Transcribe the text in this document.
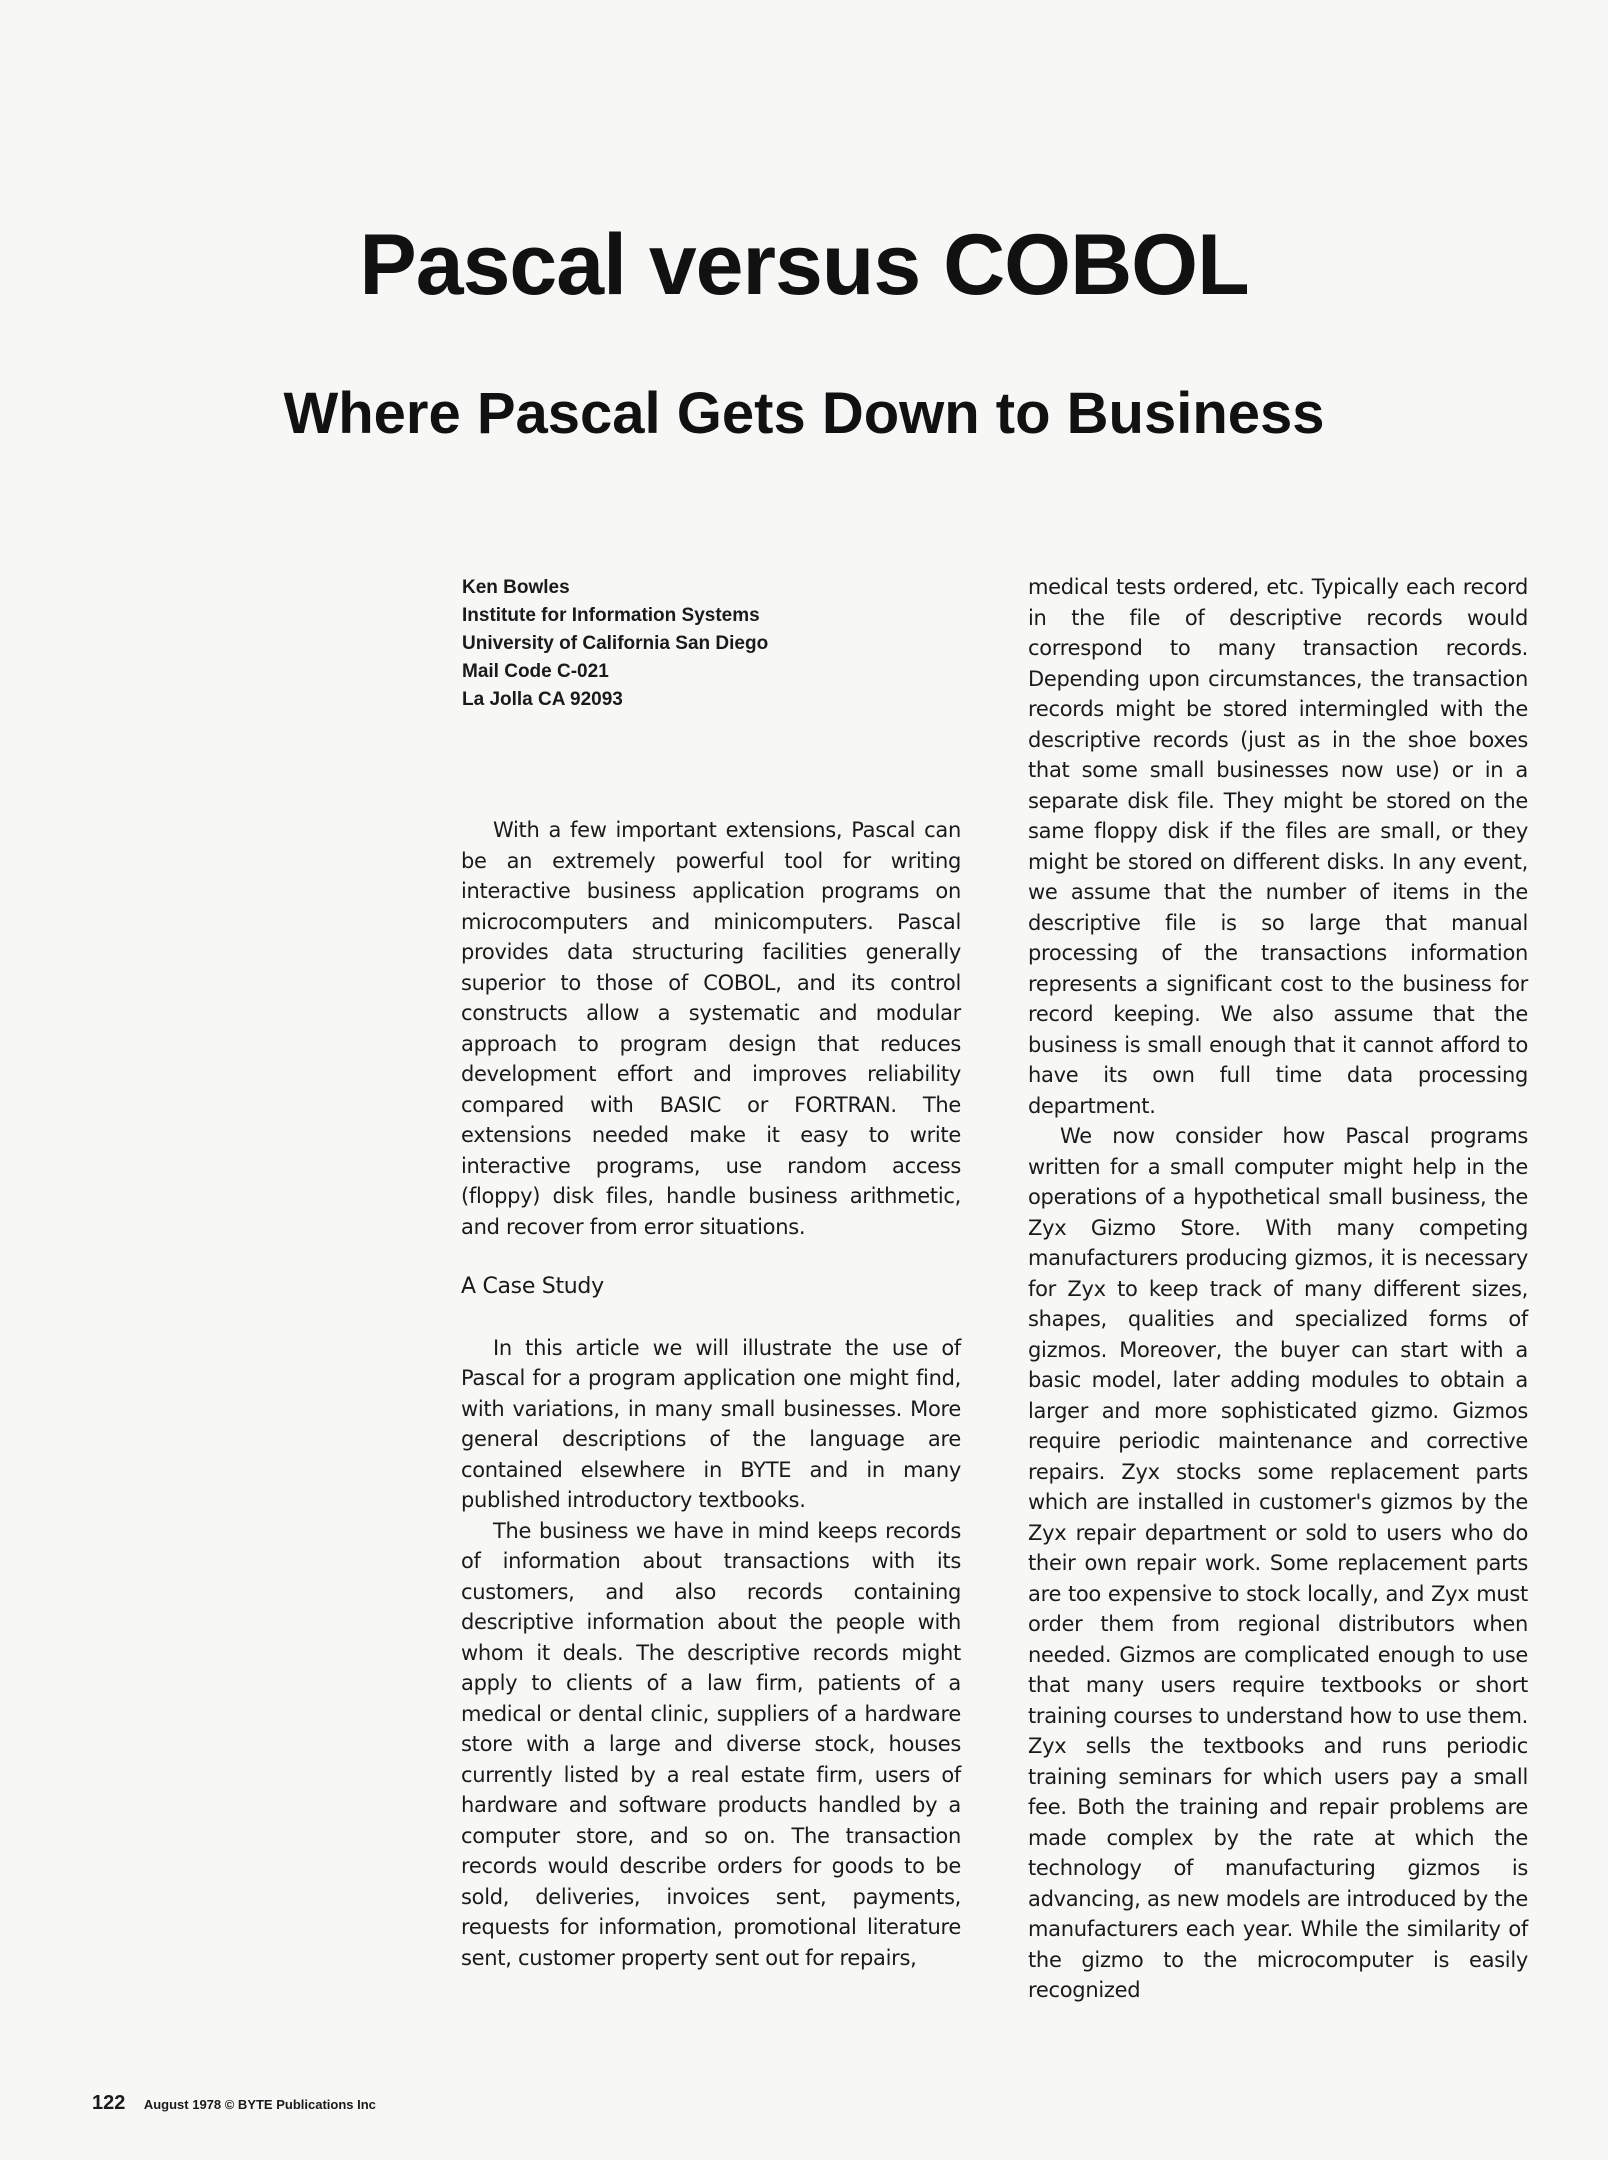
Pascal versus COBOL
Where Pascal Gets Down to Business
Ken Bowles
Institute for Information Systems
University of California San Diego
Mail Code C-021
La Jolla CA 92093

With a few important extensions, Pascal can be an extremely powerful tool for writing interactive business application programs on microcomputers and minicomputers. Pascal provides data structuring facilities generally superior to those of COBOL, and its control constructs allow a systematic and modular approach to program design that reduces development effort and improves reliability compared with BASIC or FORTRAN. The extensions needed make it easy to write interactive programs, use random access (floppy) disk files, handle business arithmetic, and recover from error situations.

A Case Study

In this article we will illustrate the use of Pascal for a program application one might find, with variations, in many small businesses. More general descriptions of the language are contained elsewhere in BYTE and in many published introductory textbooks.

The business we have in mind keeps records of information about transactions with its customers, and also records containing descriptive information about the people with whom it deals. The descriptive records might apply to clients of a law firm, patients of a medical or dental clinic, suppliers of a hardware store with a large and diverse stock, houses currently listed by a real estate firm, users of hardware and software products handled by a computer store, and so on. The transaction records would describe orders for goods to be sold, deliveries, invoices sent, payments, requests for information, promotional literature sent, customer property sent out for repairs,

medical tests ordered, etc. Typically each record in the file of descriptive records would correspond to many transaction records. Depending upon circumstances, the transaction records might be stored intermingled with the descriptive records (just as in the shoe boxes that some small businesses now use) or in a separate disk file. They might be stored on the same floppy disk if the files are small, or they might be stored on different disks. In any event, we assume that the number of items in the descriptive file is so large that manual processing of the transactions information represents a significant cost to the business for record keeping. We also assume that the business is small enough that it cannot afford to have its own full time data processing department.

We now consider how Pascal programs written for a small computer might help in the operations of a hypothetical small business, the Zyx Gizmo Store. With many competing manufacturers producing gizmos, it is necessary for Zyx to keep track of many different sizes, shapes, qualities and specialized forms of gizmos. Moreover, the buyer can start with a basic model, later adding modules to obtain a larger and more sophisticated gizmo. Gizmos require periodic maintenance and corrective repairs. Zyx stocks some replacement parts which are installed in customer's gizmos by the Zyx repair department or sold to users who do their own repair work. Some replacement parts are too expensive to stock locally, and Zyx must order them from regional distributors when needed. Gizmos are complicated enough to use that many users require textbooks or short training courses to understand how to use them. Zyx sells the textbooks and runs periodic training seminars for which users pay a small fee. Both the training and repair problems are made complex by the rate at which the technology of manufacturing gizmos is advancing, as new models are introduced by the manufacturers each year. While the similarity of the gizmo to the microcomputer is easily recognized

122 August 1978 © BYTE Publications Inc
